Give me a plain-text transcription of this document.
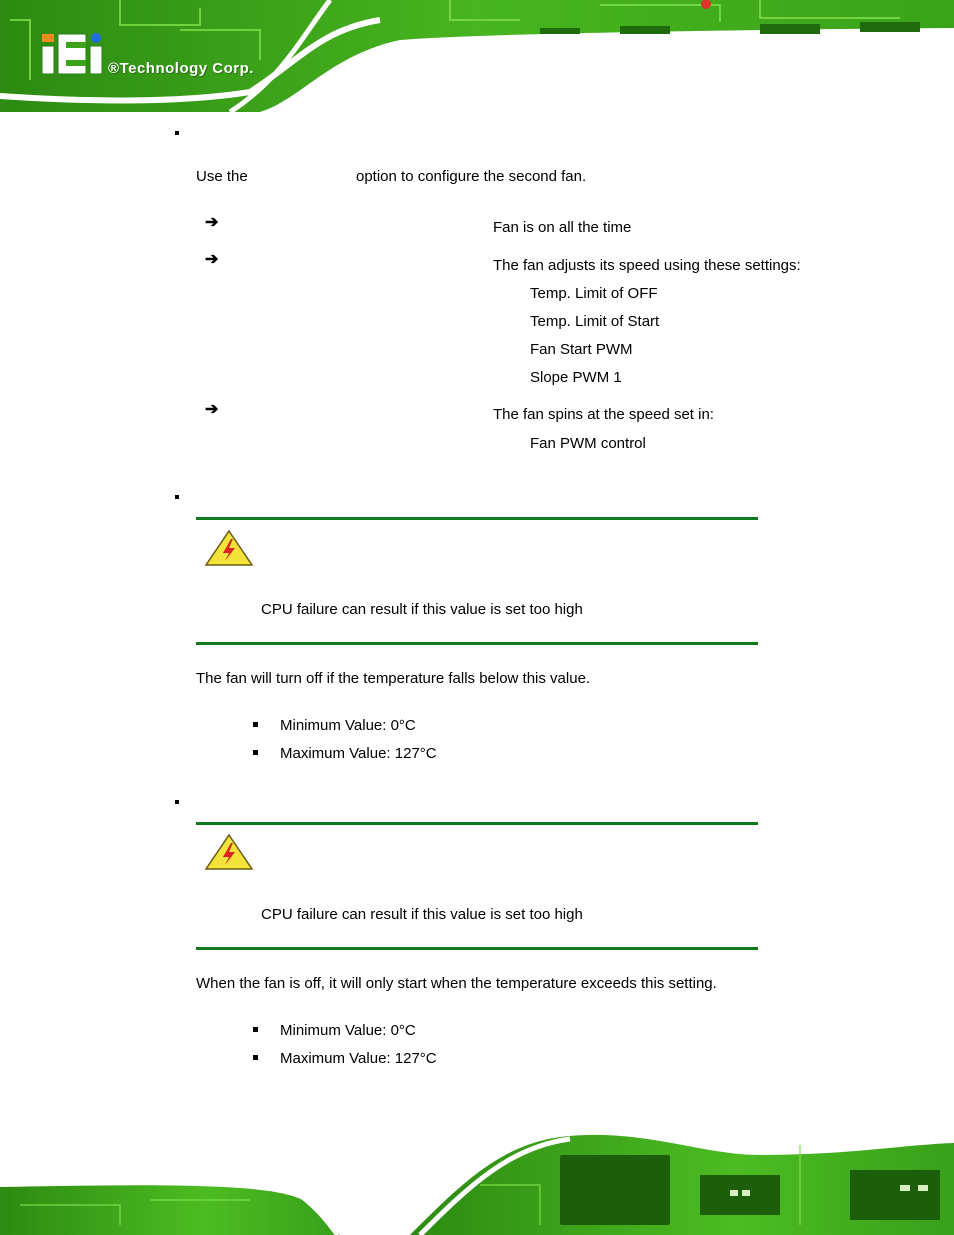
®Technology Corp.
Use the	option to configure the second fan.
➔	Fan is on all the time
➔	The fan adjusts its speed using these settings:
Temp. Limit of OFF
Temp. Limit of Start
Fan Start PWM
Slope PWM 1
➔	The fan spins at the speed set in:
Fan PWM control
CPU failure can result if this value is set too high
The fan will turn off if the temperature falls below this value.
Minimum Value: 0°C
Maximum Value: 127°C
CPU failure can result if this value is set too high
When the fan is off, it will only start when the temperature exceeds this setting.
Minimum Value: 0°C
Maximum Value: 127°C
